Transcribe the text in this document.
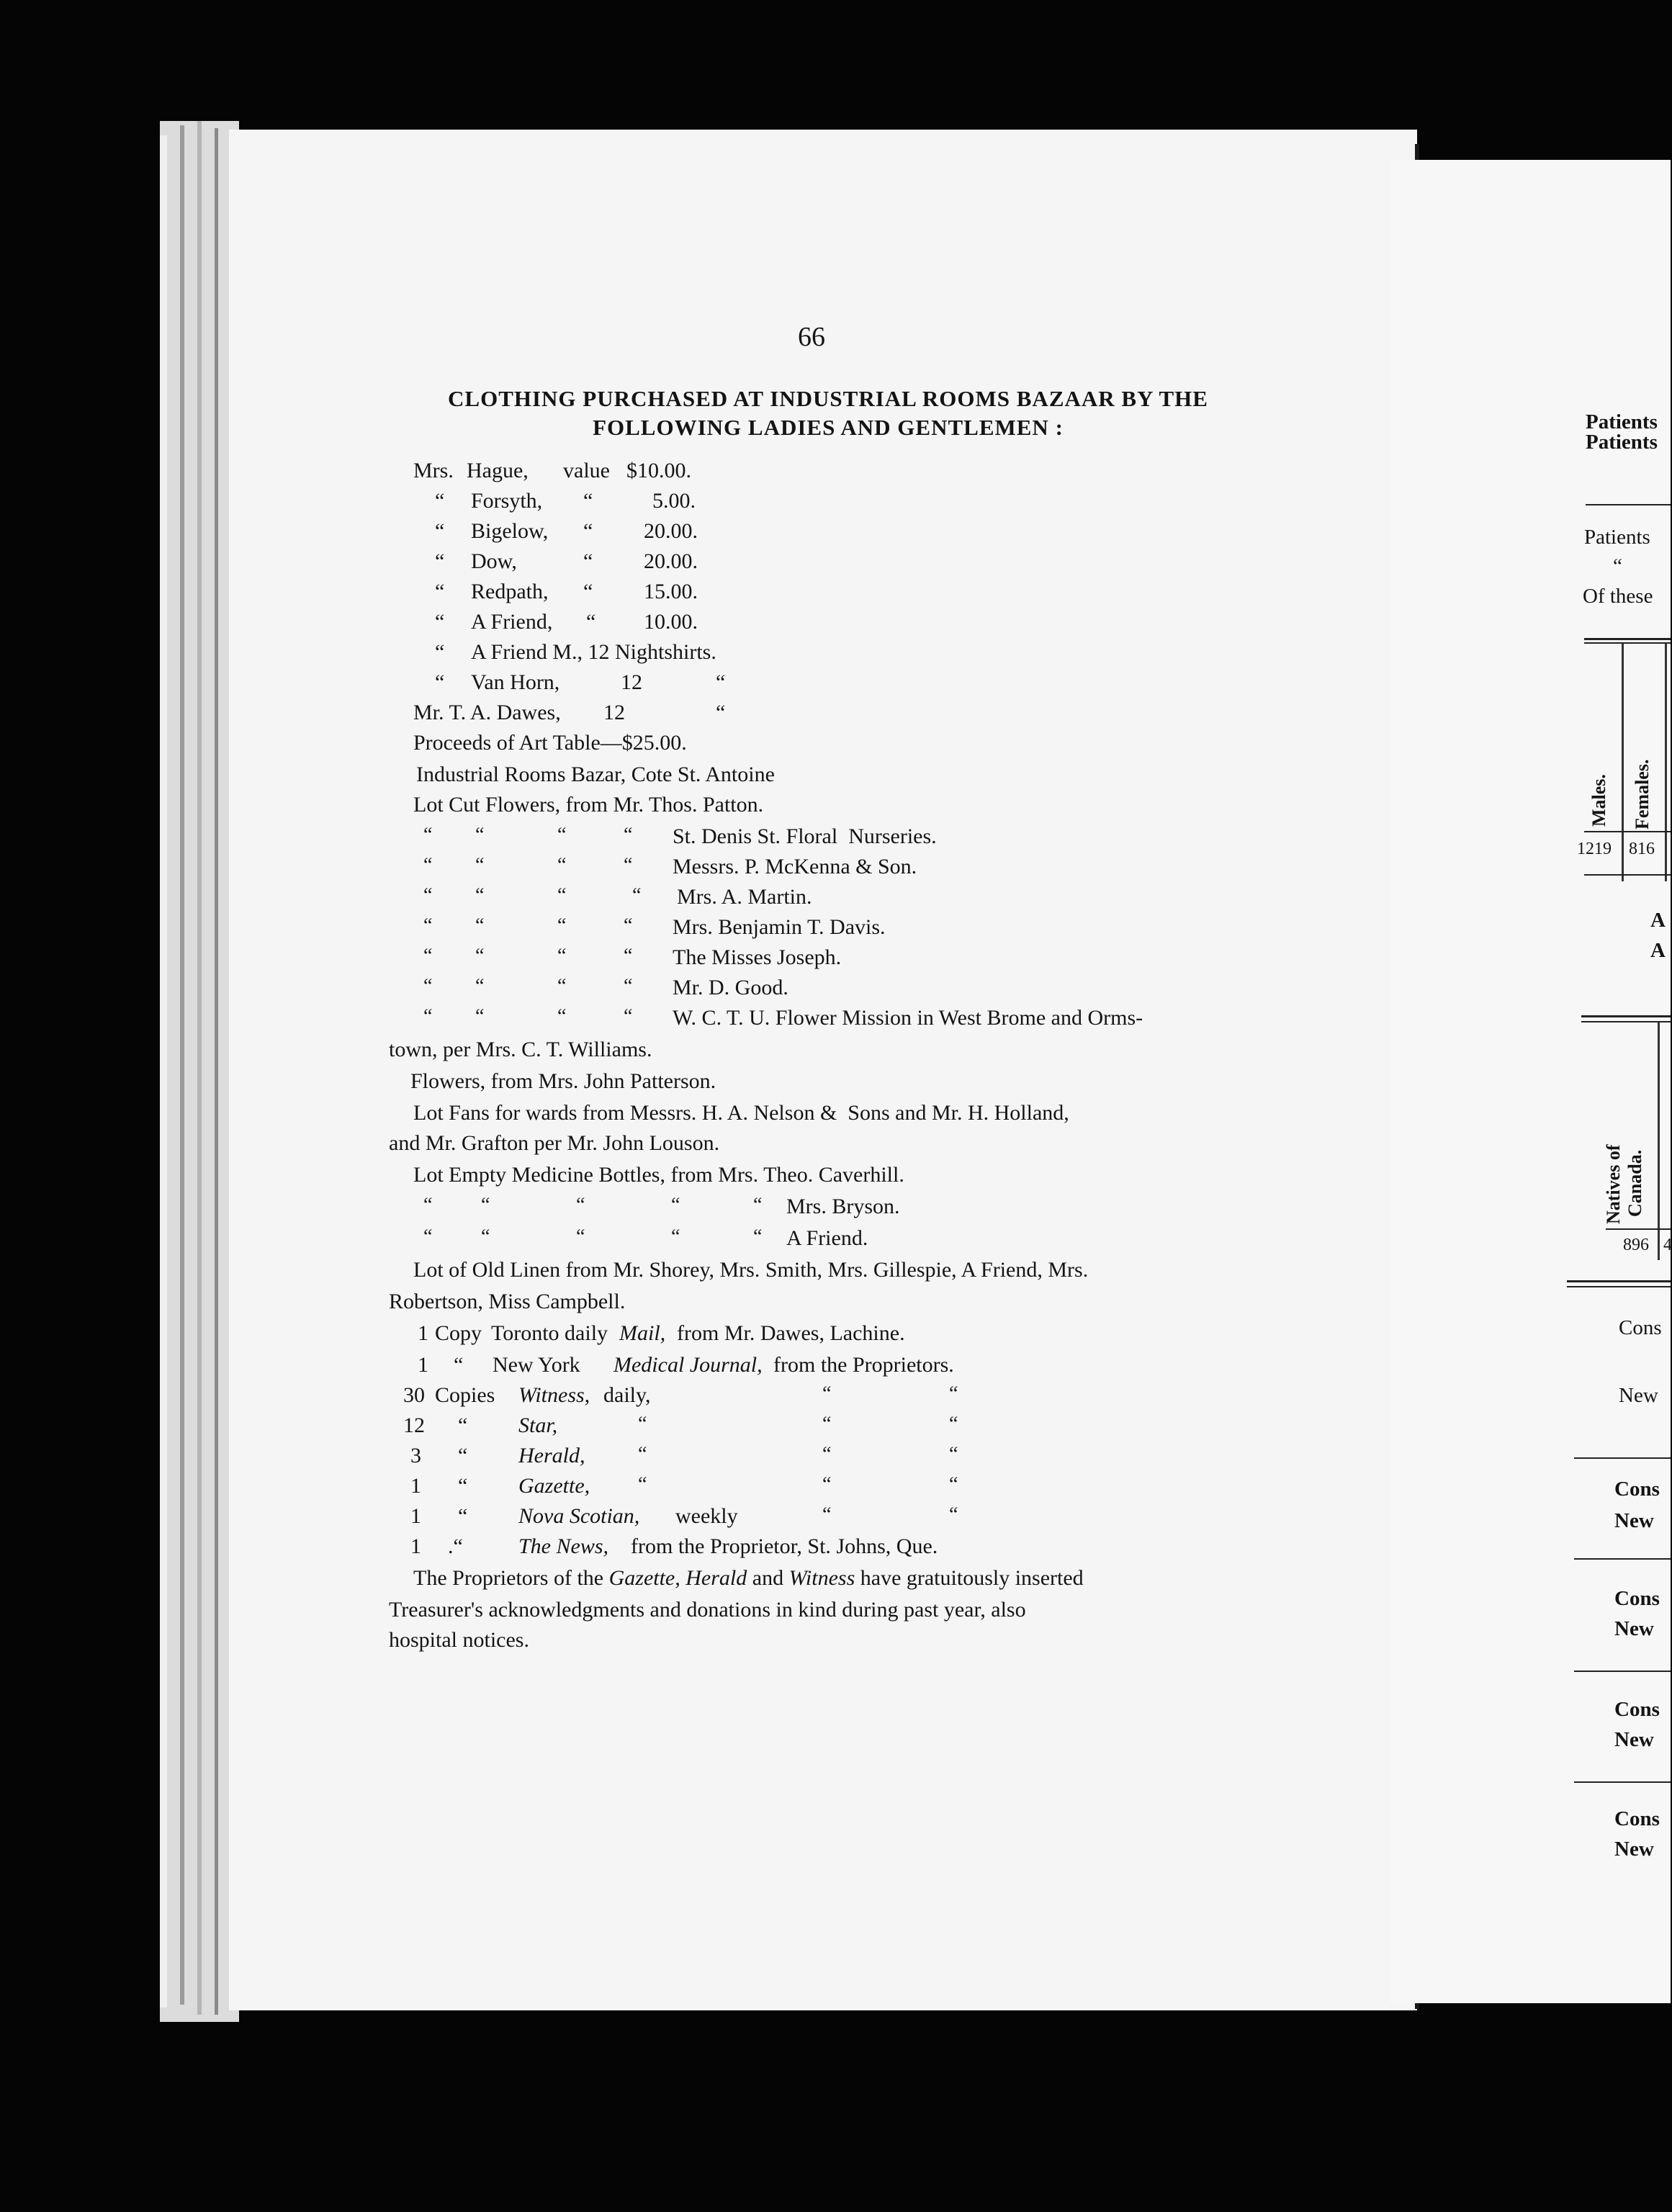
66
CLOTHING PURCHASED AT INDUSTRIAL ROOMS BAZAAR BY THE
FOLLOWING LADIES AND GENTLEMEN :
Mrs. Hague, value $10.00.
“ Forsyth, “	5.00.
“ Bigelow, “ 20.00.
“ Dow,	“ 20.00.
“ Redpath, “ 15.00.
“ A Friend, “ 10.00.
“ A Friend M., 12 Nightshirts.
“ Van Horn,	12	“
Mr. T. A. Dawes, 12	“
Proceeds of Art Table—$25.00.
Industrial Rooms Bazar, Cote St. Antoine
Lot Cut Flowers, from Mr. Thos. Patton.
“ “	“	“ St. Denis St. Floral  Nurseries.
“ “	“	“ Messrs. P. McKenna & Son.
“ “	“	“ Mrs. A. Martin.
“ “	“	“ Mrs. Benjamin T. Davis.
“ “	“	“ The Misses Joseph.
“ “	“	“ Mr. D. Good.
“ “	“	“ W. C. T. U. Flower Mission in West Brome and Orms-
town, per Mrs. C. T. Williams.
Flowers, from Mrs. John Patterson.
Lot Fans for wards from Messrs. H. A. Nelson &  Sons and Mr. H. Holland,
and Mr. Grafton per Mr. John Louson.
Lot Empty Medicine Bottles, from Mrs. Theo. Caverhill.
“ “	“	“	“ Mrs. Bryson.
“ “	“	“	“ A Friend.
Lot of Old Linen from Mr. Shorey, Mrs. Smith, Mrs. Gillespie, A Friend, Mrs.
Robertson, Miss Campbell.
1 Copy Toronto daily Mail, from Mr. Dawes, Lachine.
1 “ New York Medical Journal, from the Proprietors.
30 Copies Witness, daily,	“	“
12 “ Star,	“	“	“
3 “ Herald,	“	“	“
1 “ Gazette, “	“	“
1 “ Nova Scotian, weekly	“	“
1 .“	The News, from the Proprietor, St. Johns, Que.
The Proprietors of the Gazette, Herald and Witness have gratuitously inserted
Treasurer's acknowledgments and donations in kind during past year, also
hospital notices.
Patients
Patients
Patients
“
Of these
Males. Females.
1219 816
A
A
Natives of Canada.
896 4
Cons
New
Cons
New
Cons
New
Cons
New
Cons
New
